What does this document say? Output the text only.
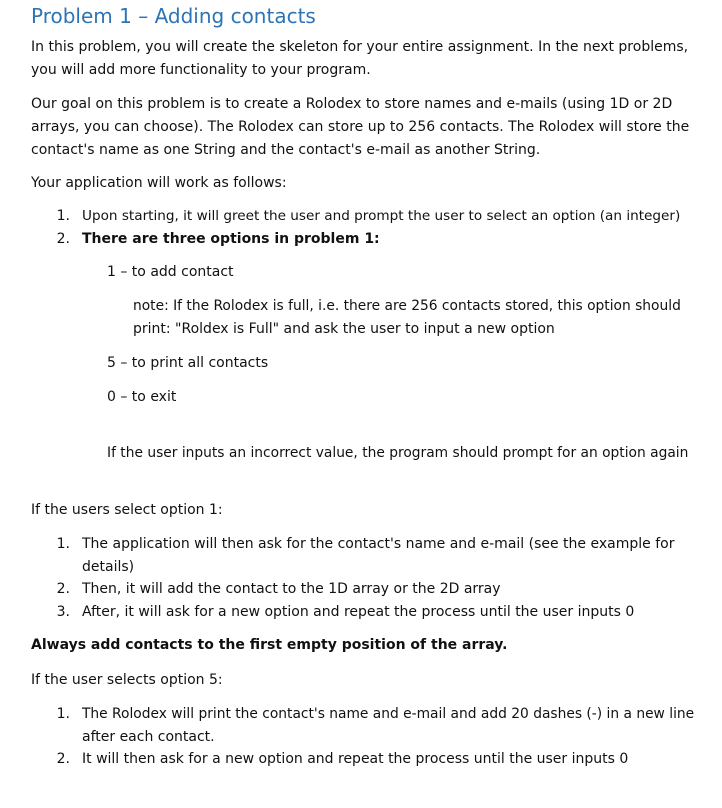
Problem 1 – Adding contacts
In this problem, you will create the skeleton for your entire assignment. In the next problems,
you will add more functionality to your program.
Our goal on this problem is to create a Rolodex to store names and e-mails (using 1D or 2D
arrays, you can choose). The Rolodex can store up to 256 contacts. The Rolodex will store the
contact's name as one String and the contact's e-mail as another String.
Your application will work as follows:
1. Upon starting, it will greet the user and prompt the user to select an option (an integer)
2. There are three options in problem 1:
1 – to add contact
note: If the Rolodex is full, i.e. there are 256 contacts stored, this option should
print: "Roldex is Full" and ask the user to input a new option
5 – to print all contacts
0 – to exit
If the user inputs an incorrect value, the program should prompt for an option again
If the users select option 1:
1. The application will then ask for the contact's name and e-mail (see the example for
details)
2. Then, it will add the contact to the 1D array or the 2D array
3. After, it will ask for a new option and repeat the process until the user inputs 0
Always add contacts to the first empty position of the array.
If the user selects option 5:
1. The Rolodex will print the contact's name and e-mail and add 20 dashes (-) in a new line
after each contact.
2. It will then ask for a new option and repeat the process until the user inputs 0
